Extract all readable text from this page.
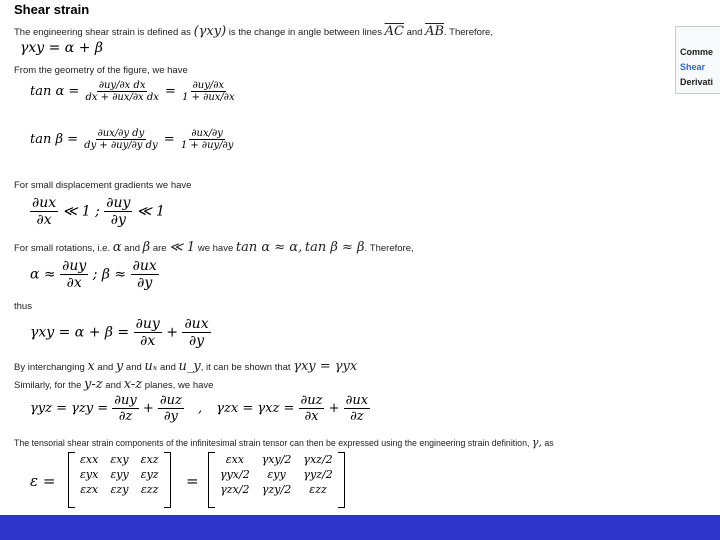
Shear strain
The engineering shear strain is defined as (γxy) is the change in angle between lines $\overline{AC}$ and $\overline{AB}$. Therefore,
γxy = α + β
From the geometry of the figure, we have
$\tan \alpha = \frac{\text{∂uy/∂x dx}}{\text{dx + ∂ux/∂x dx}} = \frac{\partial uy/\partial x}{1 + \partial ux/\partial x}$
$\tan \beta = \frac{\text{∂ux/∂y dy}}{\text{dy + ∂uy/∂y dy}} = \frac{\partial ux/\partial y}{1 + \partial uy/\partial y}$
For small displacement gradients we have
$\frac{\partial ux}{\partial x}$ ≪ 1 ; $\frac{\partial uy}{\partial y}$ ≪ 1
For small rotations, i.e. α and β are ≪ 1 we have tan α ≈ α, tan β ≈ β. Therefore,
$\alpha \approx \frac{\partial uy}{\partial x}$ ; $\beta \approx \frac{\partial ux}{\partial y}$
thus
$\gamma xy = \alpha + \beta = \frac{\partial uy}{\partial x} + \frac{\partial ux}{\partial y}$
By interchanging x and y and uₓ and u_y, it can be shown that γxy = γyx
Similarly, for the y-z and x-z planes, we have
$\gamma yz = \gamma zy = \frac{\partial uy}{\partial z} + \frac{\partial uz}{\partial y}$ , $\gamma zx = \gamma xz = \frac{\partial uz}{\partial x} + \frac{\partial ux}{\partial z}$
The tensorial shear strain components of the infinitesimal strain tensor can then be expressed using the engineering strain definition, γ, as
ε =
εxx	εxy	εxz
εyx	εyy	εyz
εzx	εzy	εzz =
εxx	γxy/2	γxz/2
γyx/2	εyy	γyz/2
γzx/2	γzy/2	εzz
Comme
Shear
Derivati
